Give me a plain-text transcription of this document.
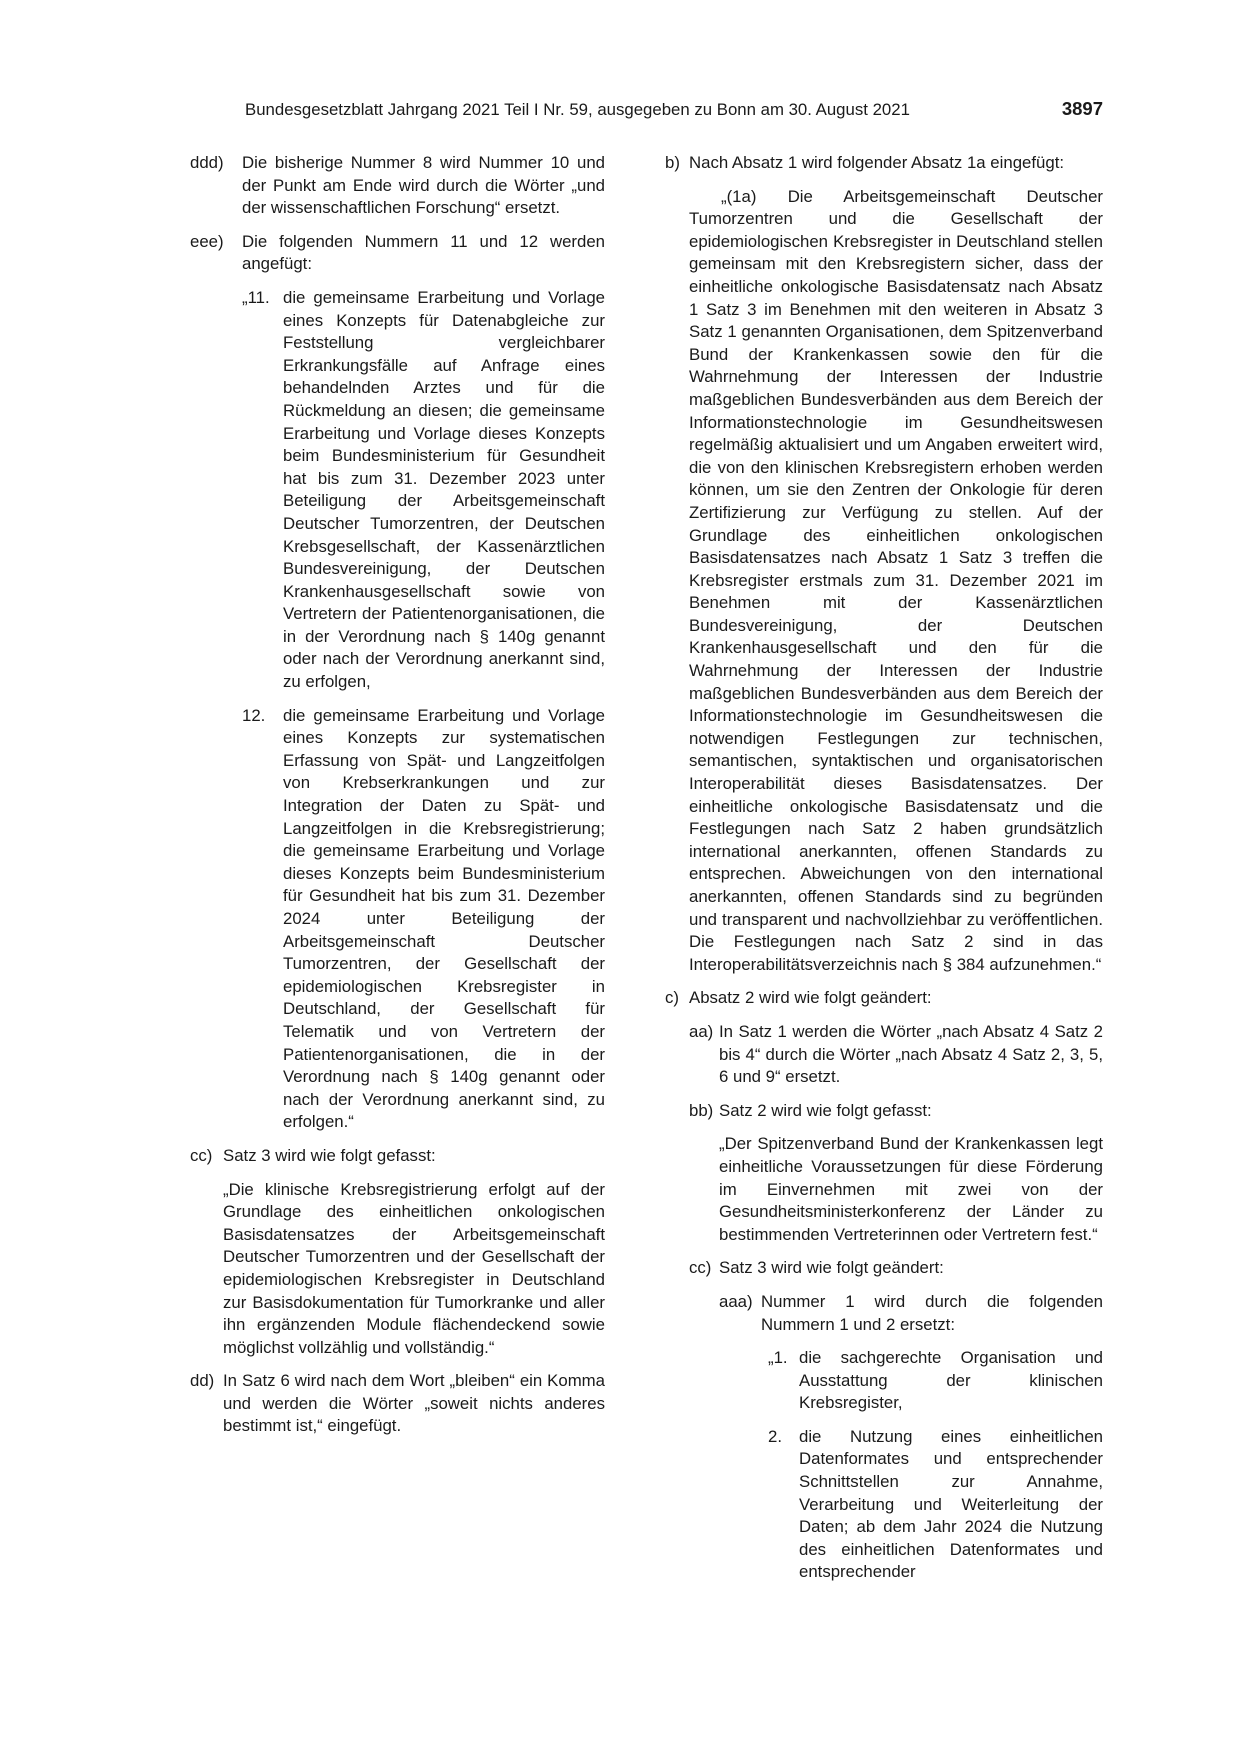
Bundesgesetzblatt Jahrgang 2021 Teil I Nr. 59, ausgegeben zu Bonn am 30. August 2021	3897
ddd) Die bisherige Nummer 8 wird Nummer 10 und der Punkt am Ende wird durch die Wörter „und der wissenschaftlichen Forschung“ ersetzt.

eee) Die folgenden Nummern 11 und 12 werden angefügt:

„11. die gemeinsame Erarbeitung und Vorlage eines Konzepts für Datenabgleiche zur Feststellung vergleichbarer Erkrankungsfälle auf Anfrage eines behandelnden Arztes und für die Rückmeldung an diesen; die gemeinsame Erarbeitung und Vorlage dieses Konzepts beim Bundesministerium für Gesundheit hat bis zum 31. Dezember 2023 unter Beteiligung der Arbeitsgemeinschaft Deutscher Tumorzentren, der Deutschen Krebsgesellschaft, der Kassenärztlichen Bundesvereinigung, der Deutschen Krankenhausgesellschaft sowie von Vertretern der Patientenorganisationen, die in der Verordnung nach § 140g genannt oder nach der Verordnung anerkannt sind, zu erfolgen,

12. die gemeinsame Erarbeitung und Vorlage eines Konzepts zur systematischen Erfassung von Spät- und Langzeitfolgen von Krebserkrankungen und zur Integration der Daten zu Spät- und Langzeitfolgen in die Krebsregistrierung; die gemeinsame Erarbeitung und Vorlage dieses Konzepts beim Bundesministerium für Gesundheit hat bis zum 31. Dezember 2024 unter Beteiligung der Arbeitsgemeinschaft Deutscher Tumorzentren, der Gesellschaft der epidemiologischen Krebsregister in Deutschland, der Gesellschaft für Telematik und von Vertretern der Patientenorganisationen, die in der Verordnung nach § 140g genannt oder nach der Verordnung anerkannt sind, zu erfolgen.“

cc) Satz 3 wird wie folgt gefasst:

„Die klinische Krebsregistrierung erfolgt auf der Grundlage des einheitlichen onkologischen Basisdatensatzes der Arbeitsgemeinschaft Deutscher Tumorzentren und der Gesellschaft der epidemiologischen Krebsregister in Deutschland zur Basisdokumentation für Tumorkranke und aller ihn ergänzenden Module flächendeckend sowie möglichst vollzählig und vollständig.“

dd) In Satz 6 wird nach dem Wort „bleiben“ ein Komma und werden die Wörter „soweit nichts anderes bestimmt ist,“ eingefügt.

b) Nach Absatz 1 wird folgender Absatz 1a eingefügt:

„(1a) Die Arbeitsgemeinschaft Deutscher Tumorzentren und die Gesellschaft der epidemiologischen Krebsregister in Deutschland stellen gemeinsam mit den Krebsregistern sicher, dass der einheitliche onkologische Basisdatensatz nach Absatz 1 Satz 3 im Benehmen mit den weiteren in Absatz 3 Satz 1 genannten Organisationen, dem Spitzenverband Bund der Krankenkassen sowie den für die Wahrnehmung der Interessen der Industrie maßgeblichen Bundesverbänden aus dem Bereich der Informationstechnologie im Gesundheitswesen regelmäßig aktualisiert und um Angaben erweitert wird, die von den klinischen Krebsregistern erhoben werden können, um sie den Zentren der Onkologie für deren Zertifizierung zur Verfügung zu stellen. Auf der Grundlage des einheitlichen onkologischen Basisdatensatzes nach Absatz 1 Satz 3 treffen die Krebsregister erstmals zum 31. Dezember 2021 im Benehmen mit der Kassenärztlichen Bundesvereinigung, der Deutschen Krankenhausgesellschaft und den für die Wahrnehmung der Interessen der Industrie maßgeblichen Bundesverbänden aus dem Bereich der Informationstechnologie im Gesundheitswesen die notwendigen Festlegungen zur technischen, semantischen, syntaktischen und organisatorischen Interoperabilität dieses Basisdatensatzes. Der einheitliche onkologische Basisdatensatz und die Festlegungen nach Satz 2 haben grundsätzlich international anerkannten, offenen Standards zu entsprechen. Abweichungen von den international anerkannten, offenen Standards sind zu begründen und transparent und nachvollziehbar zu veröffentlichen. Die Festlegungen nach Satz 2 sind in das Interoperabilitätsverzeichnis nach § 384 aufzunehmen.“

c) Absatz 2 wird wie folgt geändert:

aa) In Satz 1 werden die Wörter „nach Absatz 4 Satz 2 bis 4“ durch die Wörter „nach Absatz 4 Satz 2, 3, 5, 6 und 9“ ersetzt.

bb) Satz 2 wird wie folgt gefasst:

„Der Spitzenverband Bund der Krankenkassen legt einheitliche Voraussetzungen für diese Förderung im Einvernehmen mit zwei von der Gesundheitsministerkonferenz der Länder zu bestimmenden Vertreterinnen oder Vertretern fest.“

cc) Satz 3 wird wie folgt geändert:

aaa) Nummer 1 wird durch die folgenden Nummern 1 und 2 ersetzt:

„1. die sachgerechte Organisation und Ausstattung der klinischen Krebsregister,

2. die Nutzung eines einheitlichen Datenformates und entsprechender Schnittstellen zur Annahme, Verarbeitung und Weiterleitung der Daten; ab dem Jahr 2024 die Nutzung des einheitlichen Datenformates und entsprechender
